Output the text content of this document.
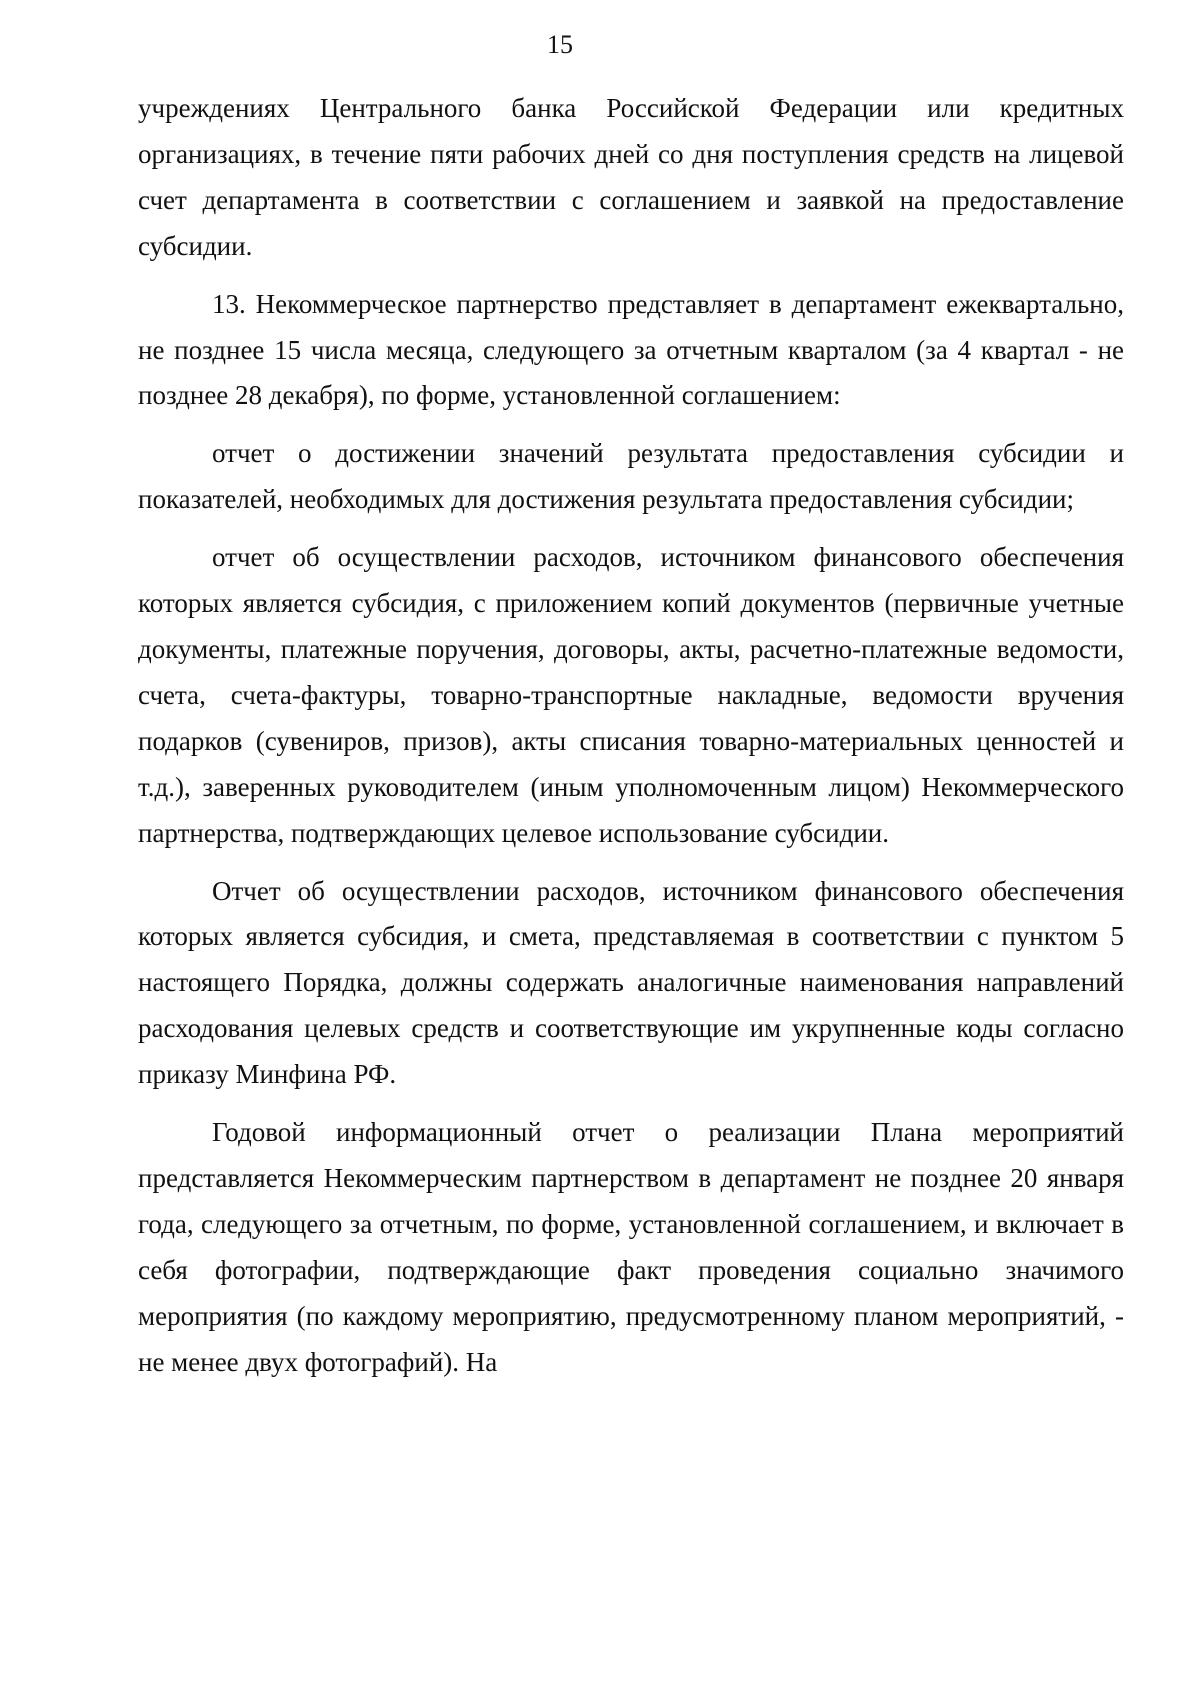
15

учреждениях Центрального банка Российской Федерации или кредитных организациях, в течение пяти рабочих дней со дня поступления средств на лицевой счет департамента в соответствии с соглашением и заявкой на предоставление субсидии.

13. Некоммерческое партнерство представляет в департамент ежеквартально, не позднее 15 числа месяца, следующего за отчетным кварталом (за 4 квартал - не позднее 28 декабря), по форме, установленной соглашением:

отчет о достижении значений результата предоставления субсидии и показателей, необходимых для достижения результата предоставления субсидии;

отчет об осуществлении расходов, источником финансового обеспечения которых является субсидия, с приложением копий документов (первичные учетные документы, платежные поручения, договоры, акты, расчетно-платежные ведомости, счета, счета-фактуры, товарно-транспортные накладные, ведомости вручения подарков (сувениров, призов), акты списания товарно-материальных ценностей и т.д.), заверенных руководителем (иным уполномоченным лицом) Некоммерческого партнерства, подтверждающих целевое использование субсидии.

Отчет об осуществлении расходов, источником финансового обеспечения которых является субсидия, и смета, представляемая в соответствии с пунктом 5 настоящего Порядка, должны содержать аналогичные наименования направлений расходования целевых средств и соответствующие им укрупненные коды согласно приказу Минфина РФ.

Годовой информационный отчет о реализации Плана мероприятий представляется Некоммерческим партнерством в департамент не позднее 20 января года, следующего за отчетным, по форме, установленной соглашением, и включает в себя фотографии, подтверждающие факт проведения социально значимого мероприятия (по каждому мероприятию, предусмотренному планом мероприятий, - не менее двух фотографий). На
